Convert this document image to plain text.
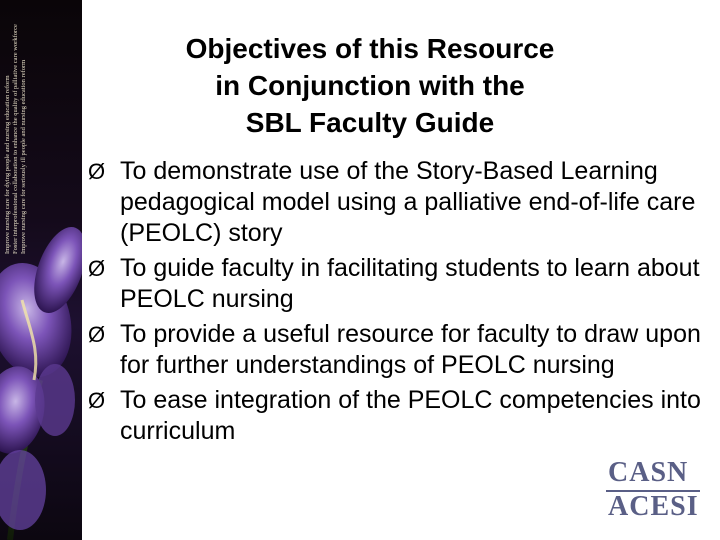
Improve nursing care for dying people and nursing education reform Foster interprofessional collaboration to enhance the quality of palliative care workforce Improve nursing care for seriously ill people and nursing education reform
Objectives of this Resource
in Conjunction with the
SBL Faculty Guide
Ø To demonstrate use of the Story-Based Learning pedagogical model using a palliative end-of-life care (PEOLC) story
Ø To guide faculty in facilitating students to learn about PEOLC nursing
Ø To provide a useful resource for faculty to draw upon for further understandings of PEOLC nursing
Ø To ease integration of the PEOLC competencies into curriculum
CASN
ACESI
